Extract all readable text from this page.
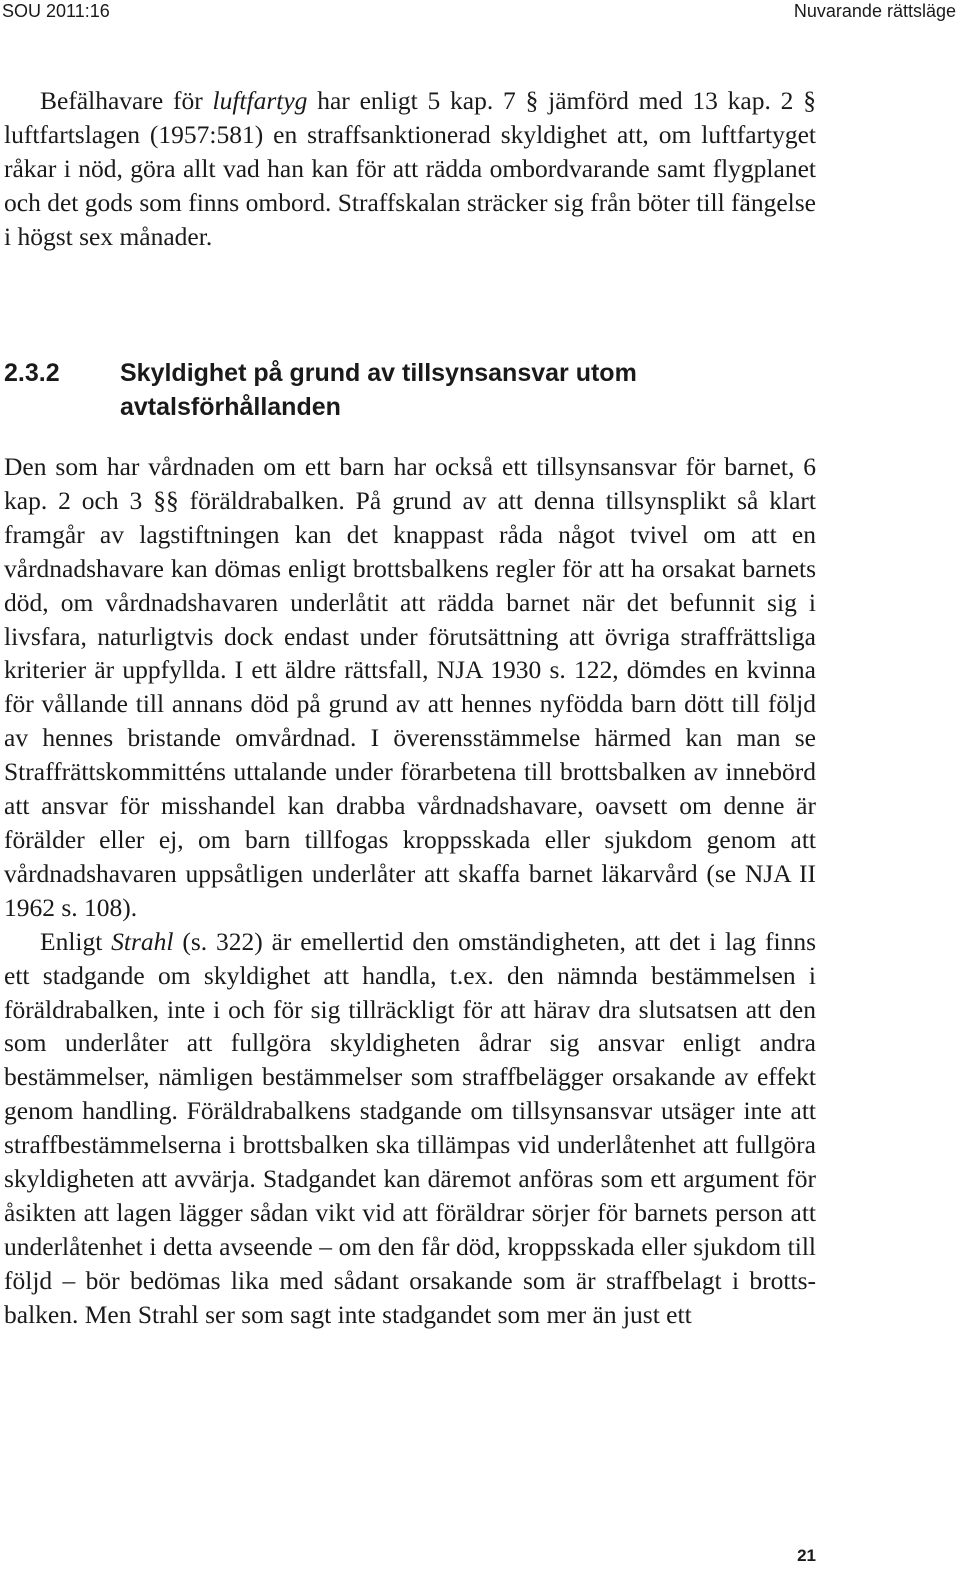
SOU 2011:16	Nuvarande rättsläge

Befälhavare för luftfartyg har enligt 5 kap. 7 § jämförd med 13 kap. 2 § luftfartslagen (1957:581) en straffsanktionerad skyldighet att, om luftfartyget råkar i nöd, göra allt vad han kan för att rädda ombordvarande samt flygplanet och det gods som finns ombord. Straffskalan sträcker sig från böter till fängelse i högst sex månader.

2.3.2 Skyldighet på grund av tillsynsansvar utom avtalsförhållanden

Den som har vårdnaden om ett barn har också ett tillsynsansvar för barnet, 6 kap. 2 och 3 §§ föräldrabalken. På grund av att denna tillsynsplikt så klart framgår av lagstiftningen kan det knappast råda något tvivel om att en vårdnadshavare kan dömas enligt brottsbalkens regler för att ha orsakat barnets död, om vårdnadshavaren underlåtit att rädda barnet när det befunnit sig i livsfara, naturligtvis dock endast under förutsättning att övriga straffrättsliga kriterier är uppfyllda. I ett äldre rättsfall, NJA 1930 s. 122, dömdes en kvinna för vållande till annans död på grund av att hennes nyfödda barn dött till följd av hennes bristande omvårdnad. I överensstämmelse härmed kan man se Straffrättskommitténs uttalande under förarbetena till brottsbalken av innebörd att ansvar för misshandel kan drabba vårdnadshavare, oavsett om denne är förälder eller ej, om barn tillfogas kroppsskada eller sjukdom genom att vårdnadshavaren uppsåtligen underlåter att skaffa barnet läkarvård (se NJA II 1962 s. 108).

Enligt Strahl (s. 322) är emellertid den omständigheten, att det i lag finns ett stadgande om skyldighet att handla, t.ex. den nämnda bestämmelsen i föräldrabalken, inte i och för sig tillräckligt för att härav dra slutsatsen att den som underlåter att fullgöra skyldigheten ådrar sig ansvar enligt andra bestämmelser, nämligen bestämmelser som straffbelägger orsakande av effekt genom handling. Föräldrabalkens stadgande om tillsynsansvar utsäger inte att straffbestämmelserna i brottsbalken ska tillämpas vid underlåtenhet att fullgöra skyldigheten att avvärja. Stadgandet kan däremot anföras som ett argument för åsikten att lagen lägger sådan vikt vid att föräldrar sörjer för barnets person att underlåtenhet i detta avseende – om den får död, kroppsskada eller sjukdom till följd – bör bedömas lika med sådant orsakande som är straffbelagt i brottsbalken. Men Strahl ser som sagt inte stadgandet som mer än just ett

21
